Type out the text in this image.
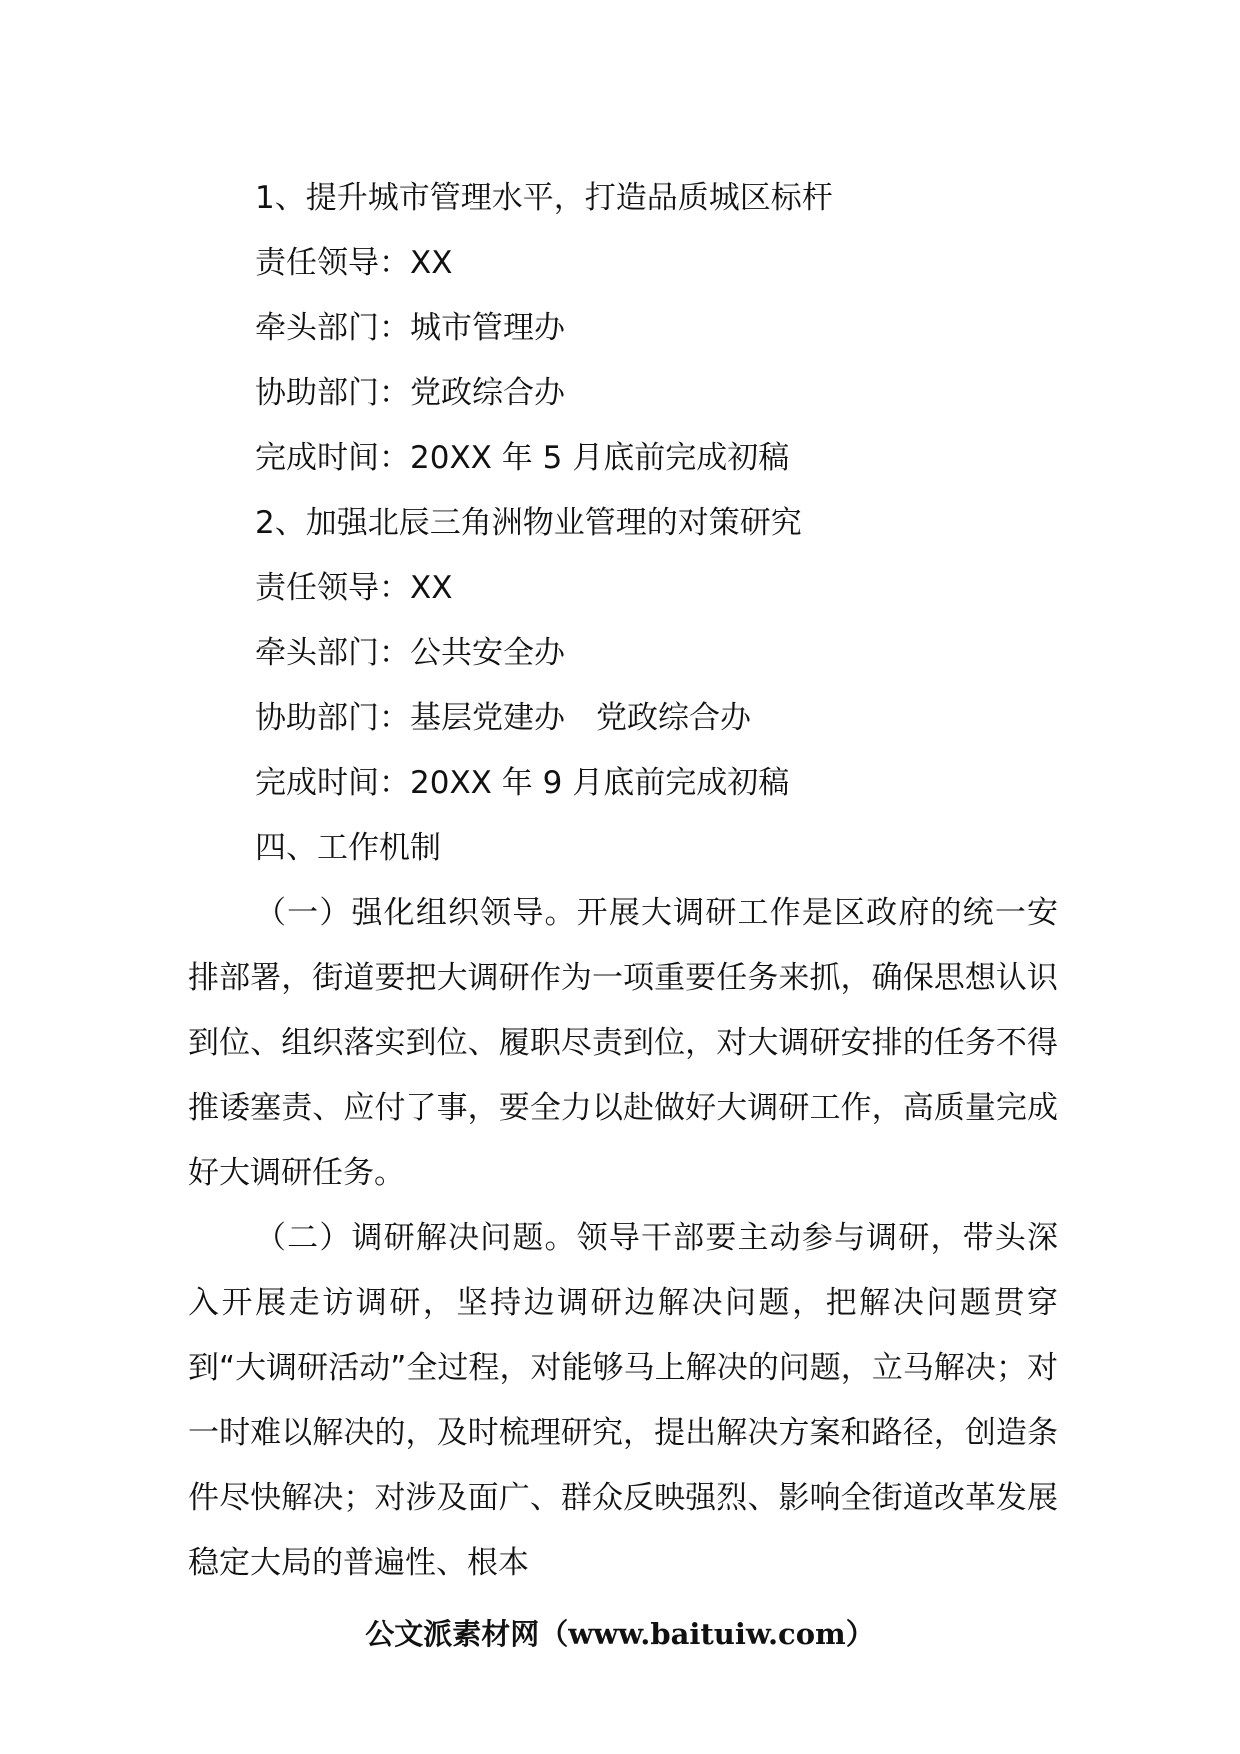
1、提升城市管理水平，打造品质城区标杆
责任领导：XX
牵头部门：城市管理办
协助部门：党政综合办
完成时间：20XX 年 5 月底前完成初稿
2、加强北辰三角洲物业管理的对策研究
责任领导：XX
牵头部门：公共安全办
协助部门：基层党建办　党政综合办
完成时间：20XX 年 9 月底前完成初稿
四、工作机制

（一）强化组织领导。开展大调研工作是区政府的统一安排部署，街道要把大调研作为一项重要任务来抓，确保思想认识到位、组织落实到位、履职尽责到位，对大调研安排的任务不得推诿塞责、应付了事，要全力以赴做好大调研工作，高质量完成好大调研任务。

（二）调研解决问题。领导干部要主动参与调研，带头深入开展走访调研，坚持边调研边解决问题，把解决问题贯穿到“大调研活动”全过程，对能够马上解决的问题，立马解决；对一时难以解决的，及时梳理研究，提出解决方案和路径，创造条件尽快解决；对涉及面广、群众反映强烈、影响全街道改革发展稳定大局的普遍性、根本

公文派素材网（www.baituiw.com）
